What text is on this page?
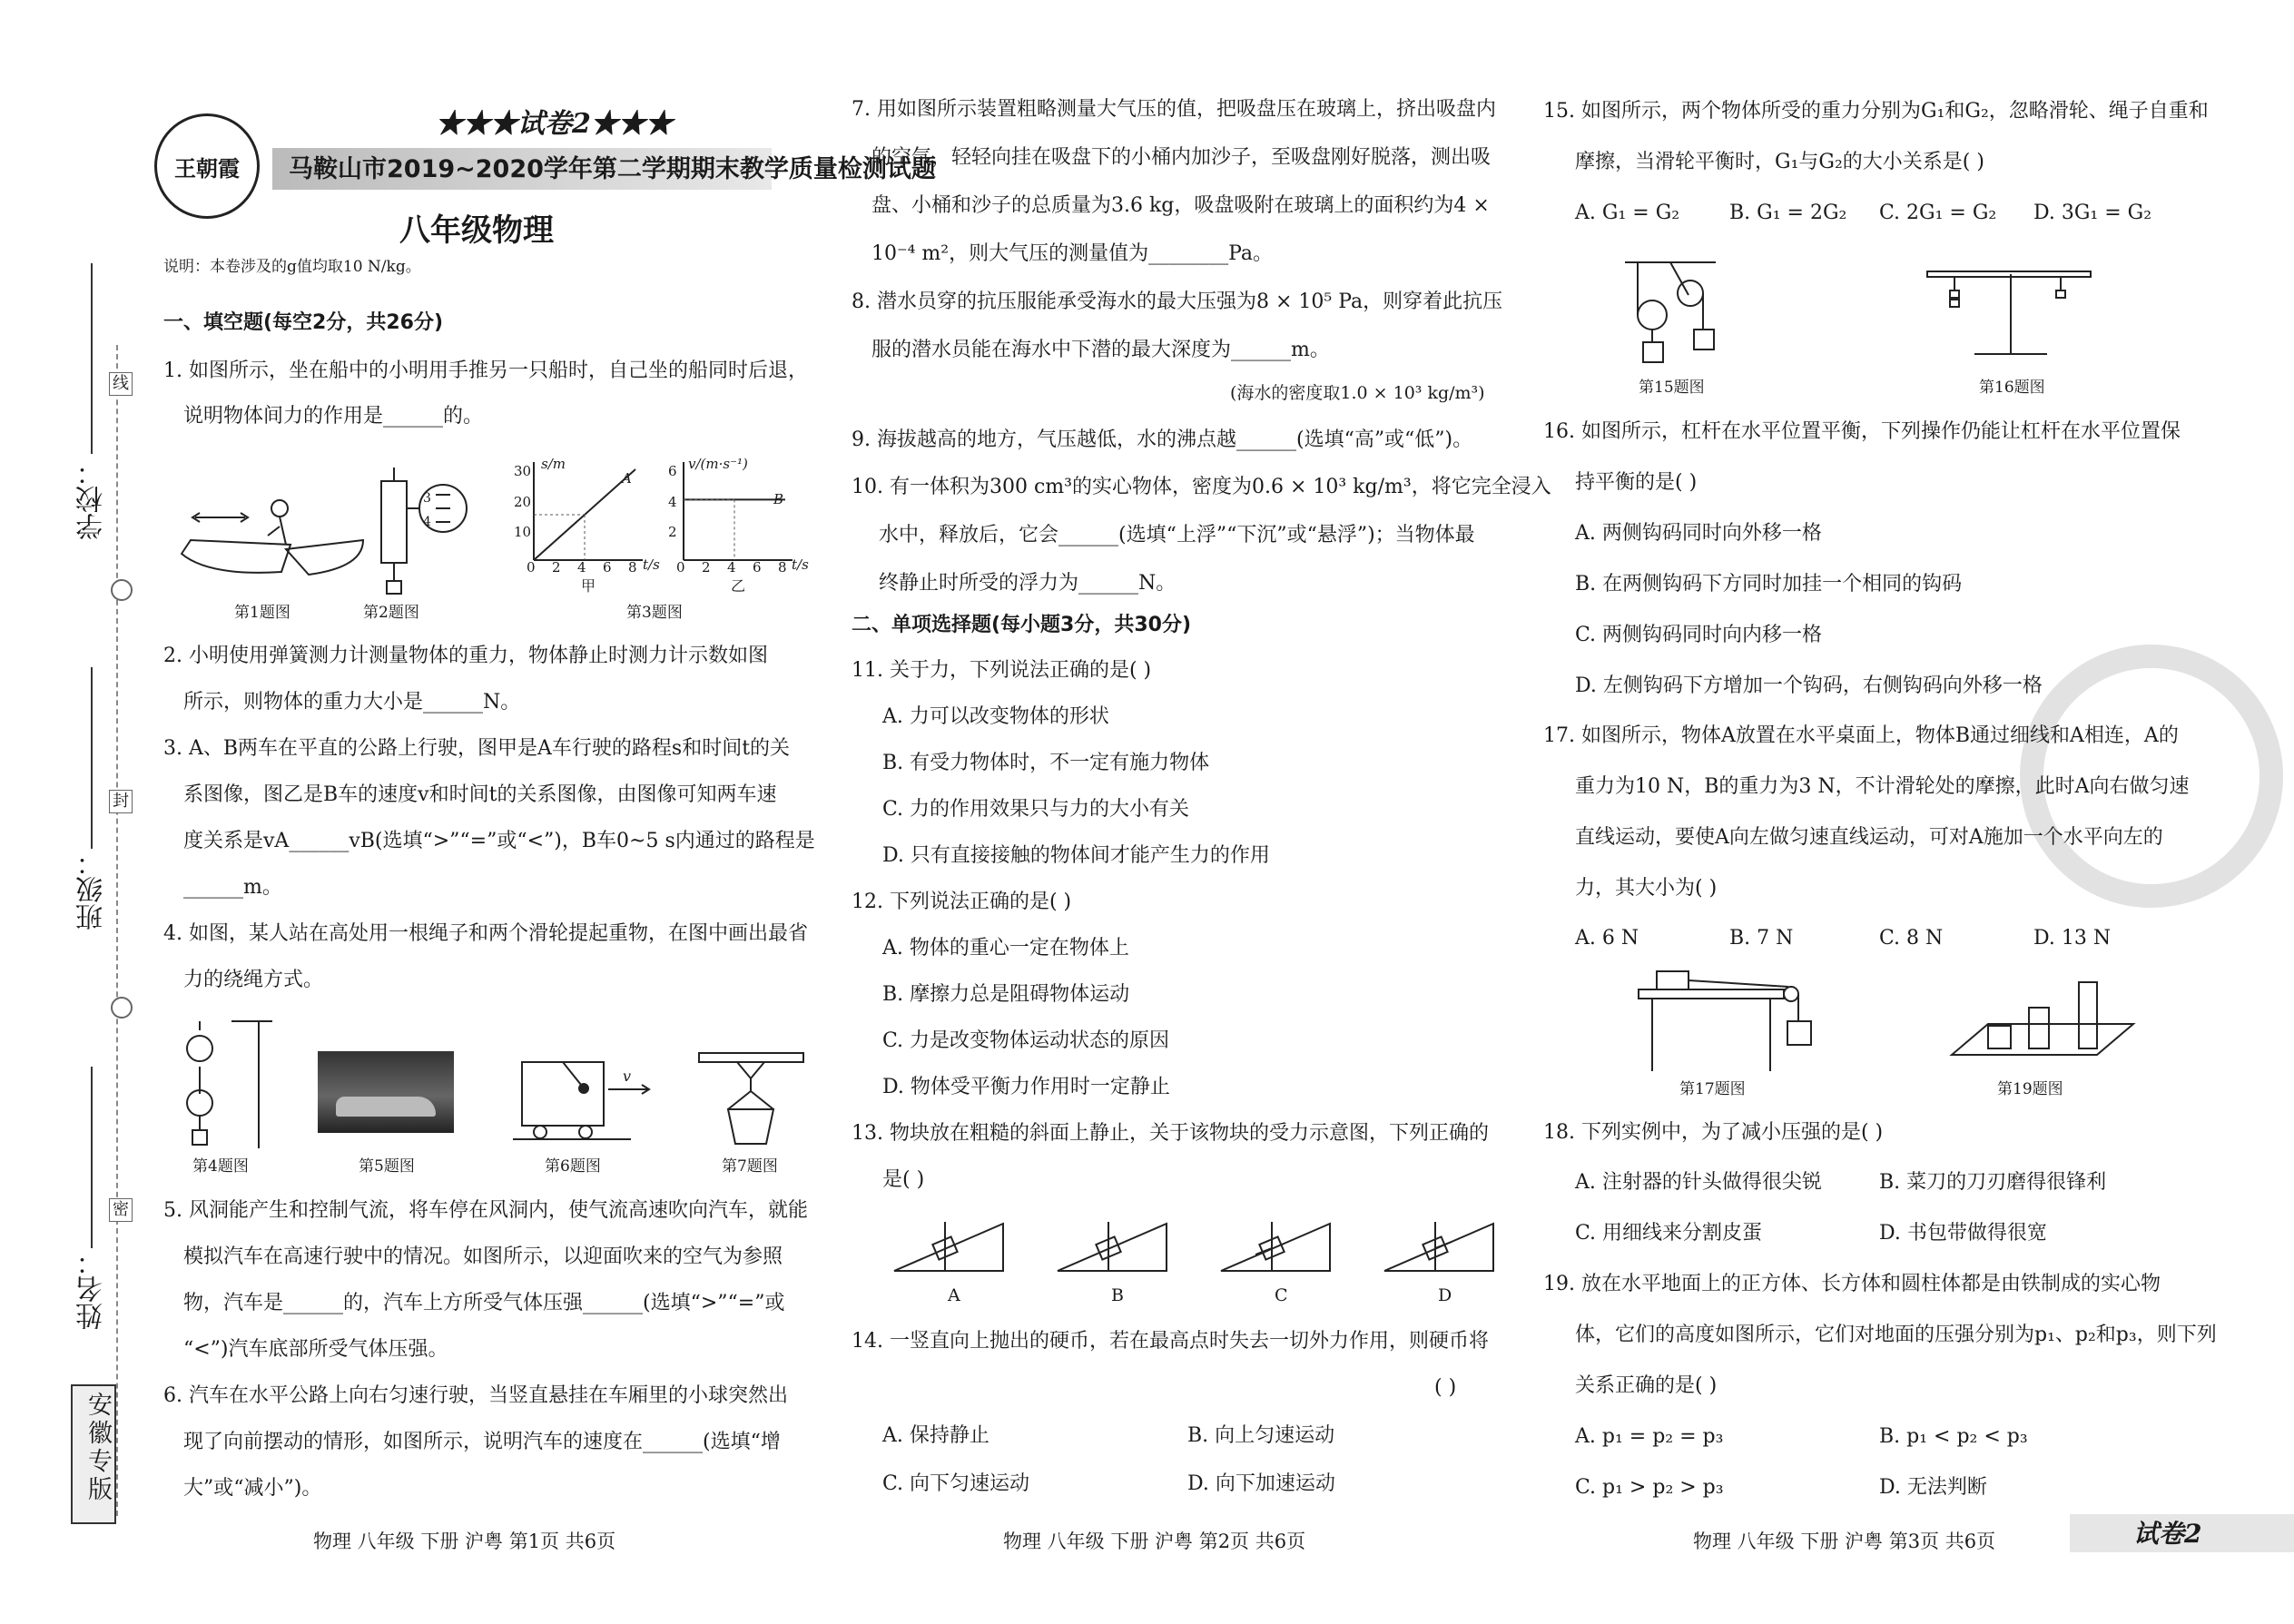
学校：
班级：
姓名：
线
封
密
安徽专版
王朝霞
★★★试卷2★★★
马鞍山市2019~2020学年第二学期期末教学质量检测试题
八年级物理
说明：本卷涉及的g值均取10 N/kg。
一、填空题(每空2分，共26分)
1. 如图所示，坐在船中的小明用手推另一只船时，自己坐的船同时后退，
说明物体间力的作用是______的。
第1题图
3
4
第2题图
s/m
t/s
A
30
20
10
0 2 4 6 8
甲
v/(m·s⁻¹)
t/s
B
6
4
2
0 2 4 6 8
乙
第3题图
2. 小明使用弹簧测力计测量物体的重力，物体静止时测力计示数如图
所示，则物体的重力大小是______N。
3. A、B两车在平直的公路上行驶，图甲是A车行驶的路程s和时间t的关
系图像，图乙是B车的速度v和时间t的关系图像，由图像可知两车速
度关系是vA______vB(选填“>”“=”或“<”)，B车0~5 s内通过的路程是
______m。
4. 如图，某人站在高处用一根绳子和两个滑轮提起重物，在图中画出最省
力的绕绳方式。
第4题图	第5题图
v
第6题图	第7题图
5. 风洞能产生和控制气流，将车停在风洞内，使气流高速吹向汽车，就能
模拟汽车在高速行驶中的情况。如图所示，以迎面吹来的空气为参照
物，汽车是______的，汽车上方所受气体压强______(选填“>”“=”或
“<”)汽车底部所受气体压强。
6. 汽车在水平公路上向右匀速行驶，当竖直悬挂在车厢里的小球突然出
现了向前摆动的情形，如图所示，说明汽车的速度在______(选填“增
大”或“减小”)。
物理 八年级 下册 沪粤 第1页 共6页
7. 用如图所示装置粗略测量大气压的值，把吸盘压在玻璃上，挤出吸盘内
的空气，轻轻向挂在吸盘下的小桶内加沙子，至吸盘刚好脱落，测出吸
盘、小桶和沙子的总质量为3.6 kg，吸盘吸附在玻璃上的面积约为4 ×
10⁻⁴ m²，则大气压的测量值为________Pa。
8. 潜水员穿的抗压服能承受海水的最大压强为8 × 10⁵ Pa，则穿着此抗压
服的潜水员能在海水中下潜的最大深度为______m。
(海水的密度取1.0 × 10³ kg/m³)
9. 海拔越高的地方，气压越低，水的沸点越______(选填“高”或“低”)。
10. 有一体积为300 cm³的实心物体，密度为0.6 × 10³ kg/m³，将它完全浸入
水中，释放后，它会______(选填“上浮”“下沉”或“悬浮”)；当物体最
终静止时所受的浮力为______N。
二、单项选择题(每小题3分，共30分)
11. 关于力，下列说法正确的是( )
A. 力可以改变物体的形状
B. 有受力物体时，不一定有施力物体
C. 力的作用效果只与力的大小有关
D. 只有直接接触的物体间才能产生力的作用
12. 下列说法正确的是( )
A. 物体的重心一定在物体上
B. 摩擦力总是阻碍物体运动
C. 力是改变物体运动状态的原因
D. 物体受平衡力作用时一定静止
13. 物块放在粗糙的斜面上静止，关于该物块的受力示意图，下列正确的
是( )
A	B	C	D
14. 一竖直向上抛出的硬币，若在最高点时失去一切外力作用，则硬币将
( )
A. 保持静止	B. 向上匀速运动
C. 向下匀速运动	D. 向下加速运动
物理 八年级 下册 沪粤 第2页 共6页
15. 如图所示，两个物体所受的重力分别为G₁和G₂，忽略滑轮、绳子自重和
摩擦，当滑轮平衡时，G₁与G₂的大小关系是( )
A. G₁ = G₂ B. G₁ = 2G₂ C. 2G₁ = G₂ D. 3G₁ = G₂
第15题图	第16题图
16. 如图所示，杠杆在水平位置平衡，下列操作仍能让杠杆在水平位置保
持平衡的是( )
A. 两侧钩码同时向外移一格
B. 在两侧钩码下方同时加挂一个相同的钩码
C. 两侧钩码同时向内移一格
D. 左侧钩码下方增加一个钩码，右侧钩码向外移一格
17. 如图所示，物体A放置在水平桌面上，物体B通过细线和A相连，A的
重力为10 N，B的重力为3 N，不计滑轮处的摩擦，此时A向右做匀速
直线运动，要使A向左做匀速直线运动，可对A施加一个水平向左的
力，其大小为( )
A. 6 N	B. 7 N	C. 8 N	D. 13 N
第17题图	第19题图
18. 下列实例中，为了减小压强的是( )
A. 注射器的针头做得很尖锐	B. 菜刀的刀刃磨得很锋利
C. 用细线来分割皮蛋	D. 书包带做得很宽
19. 放在水平地面上的正方体、长方体和圆柱体都是由铁制成的实心物
体，它们的高度如图所示，它们对地面的压强分别为p₁、p₂和p₃，则下列
关系正确的是( )
A. p₁ = p₂ = p₃	B. p₁ < p₂ < p₃
C. p₁ > p₂ > p₃	D. 无法判断
物理 八年级 下册 沪粤 第3页 共6页	试卷2
